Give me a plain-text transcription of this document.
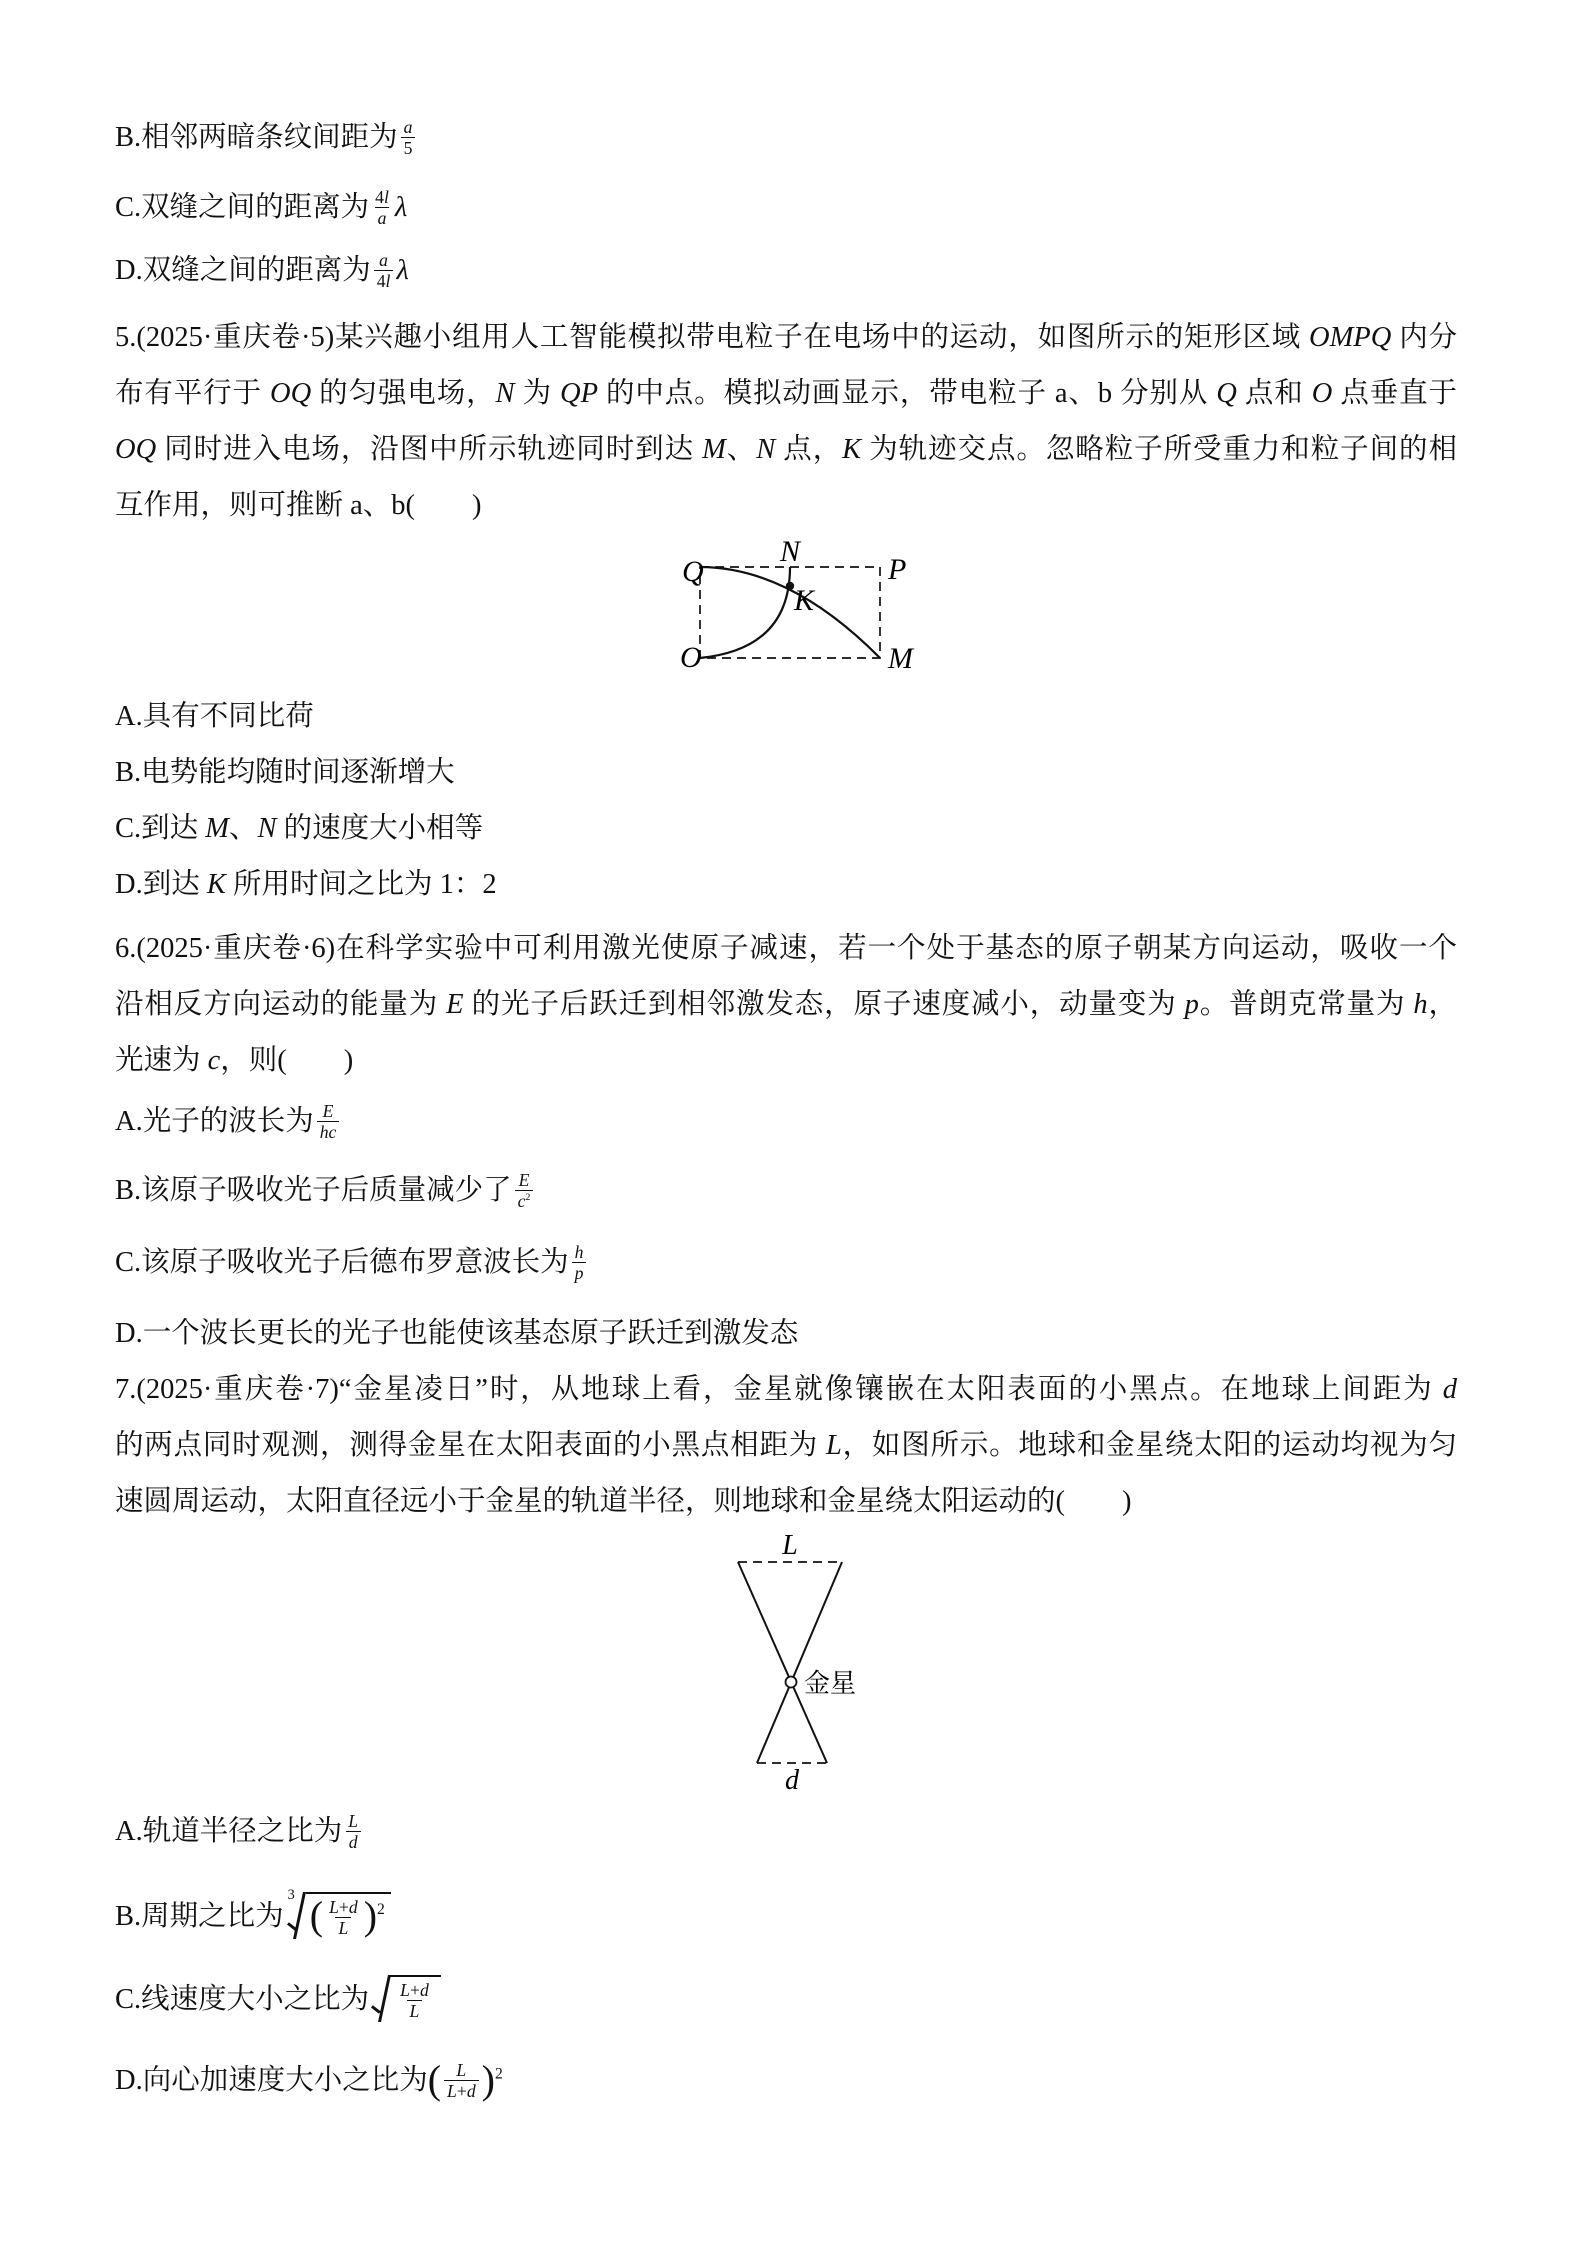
B.相邻两暗条纹间距为 $\frac{a}{5}$
C.双缝之间的距离为 $\frac{4l}{a}$ λ
D.双缝之间的距离为 $\frac{a}{4l}$ λ
5.(2025·重庆卷·5)某兴趣小组用人工智能模拟带电粒子在电场中的运动，如图所示的矩形区域 OMPQ 内分
布有平行于 OQ 的匀强电场，N 为 QP 的中点。模拟动画显示，带电粒子 a、b 分别从 Q 点和 O 点垂直于
OQ 同时进入电场，沿图中所示轨迹同时到达 M、N 点，K 为轨迹交点。忽略粒子所受重力和粒子间的相
互作用，则可推断 a、b(　　)
Q	P
O	M
N
K
A.具有不同比荷
B.电势能均随时间逐渐增大
C.到达 M、N 的速度大小相等
D.到达 K 所用时间之比为 1：2
6.(2025·重庆卷·6)在科学实验中可利用激光使原子减速，若一个处于基态的原子朝某方向运动，吸收一个
沿相反方向运动的能量为 E 的光子后跃迁到相邻激发态，原子速度减小，动量变为 p。普朗克常量为 h，
光速为 c，则(　　)
A.光子的波长为 $\frac{E}{hc}$
B.该原子吸收光子后质量减少了 $\frac{E}{c^2}$
C.该原子吸收光子后德布罗意波长为 $\frac{h}{p}$
D.一个波长更长的光子也能使该基态原子跃迁到激发态
7.(2025·重庆卷·7)“金星凌日”时，从地球上看，金星就像镶嵌在太阳表面的小黑点。在地球上间距为 d
的两点同时观测，测得金星在太阳表面的小黑点相距为 L，如图所示。地球和金星绕太阳的运动均视为匀
速圆周运动，太阳直径远小于金星的轨道半径，则地球和金星绕太阳运动的(　　)
L
d
金星
A.轨道半径之比为 $\frac{L}{d}$
B.周期之比为
3 ( $\frac{L+d}{L} )^2$
C.线速度大小之比为 $\frac{L+d}{L}$
D.向心加速度大小之比为( $\frac{L}{L+d} )^2$
